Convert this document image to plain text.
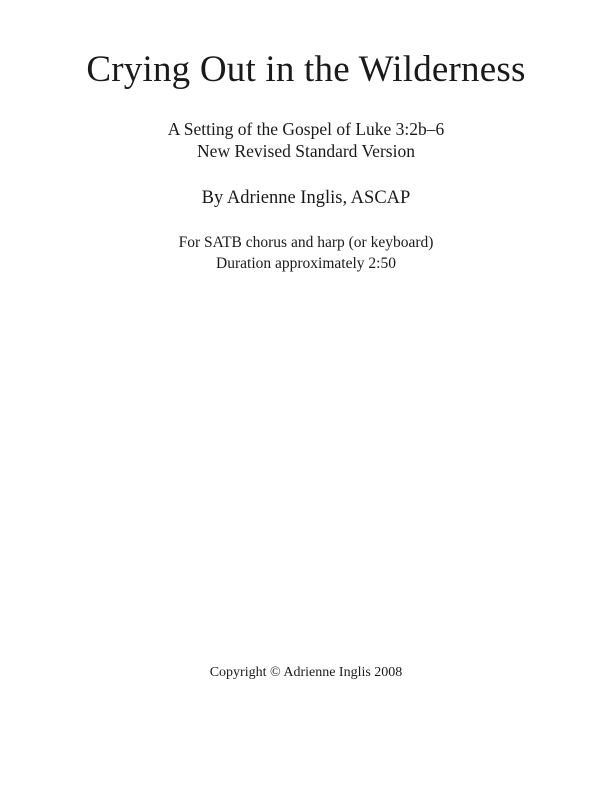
Crying Out in the Wilderness
A Setting of the Gospel of Luke 3:2b–6
New Revised Standard Version
By Adrienne Inglis, ASCAP
For SATB chorus and harp (or keyboard)
Duration approximately 2:50
Copyright © Adrienne Inglis 2008
